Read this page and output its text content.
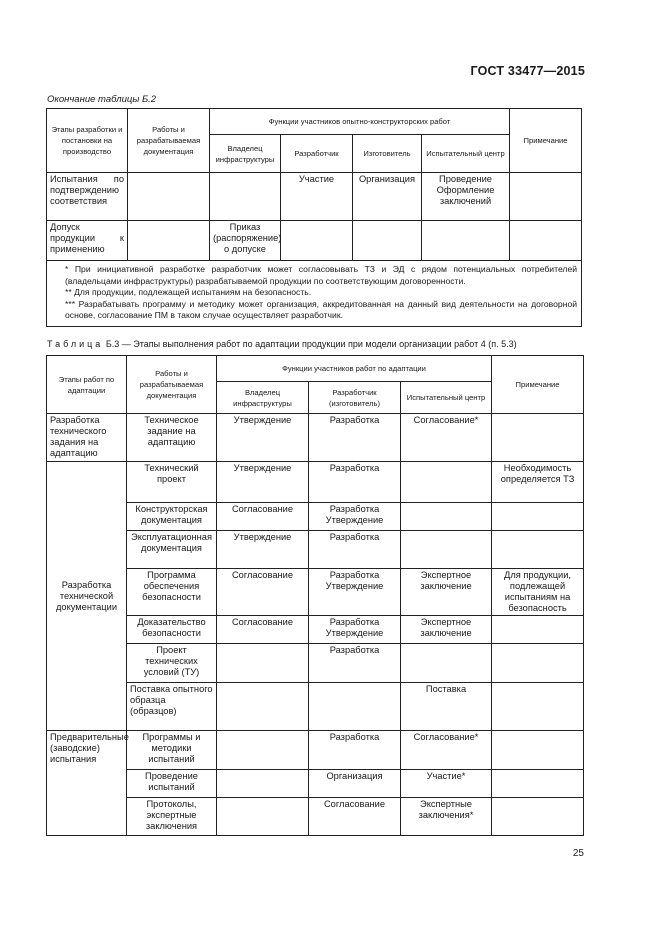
ГОСТ 33477—2015
Окончание таблицы Б.2
Этапы разработки и постановки на производство	Работы и разрабатываемая документация	Функции участников опытно-конструкторских работ				Примечание
		Владелец инфраструктуры	Разработчик	Изготовитель	Испытательный центр	
Испытания по подтверждению соответствия			Участие	Организация	Проведение Оформление заключений	
Допуск продукции к применению		Приказ (распоряжение) о допуске				

* При инициативной разработке разработчик может согласовывать ТЗ и ЭД с рядом потенциальных потребителей (владельцами инфраструктуры) разрабатываемой продукции по соответствующим договоренности.

** Для продукции, подлежащей испытаниям на безопасность.

*** Разрабатывать программу и методику может организация, аккредитованная на данный вид деятельности на договорной основе, согласование ПМ в таком случае осуществляет разработчик.						

Таблица Б.3 — Этапы выполнения работ по адаптации продукции при модели организации работ 4 (п. 5.3)
Этапы работ по адаптации	Работы и разрабатываемая документация	Функции участников работ по адаптации			Примечание	
		Владелец инфраструктуры	Разработчик (изготовитель)	Испытательный центр		
Разработка технического задания на адаптацию	Техническое задание на адаптацию	Утверждение	Разработка	Согласование*		
Разработка технической документации	Технический проект	Утверждение	Разработка		Необходимость определяется ТЗ	
	Конструкторская документация	Согласование	Разработка Утверждение			
	Эксплуатационная документация	Утверждение	Разработка			
	Программа обеспечения безопасности	Согласование	Разработка Утверждение	Экспертное заключение	Для продукции, подлежащей испытаниям на безопасность	
	Доказательство безопасности	Согласование	Разработка Утверждение	Экспертное заключение		
	Проект технических условий (ТУ)		Разработка			
	Поставка опытного образца (образцов)			Поставка		
Предварительные (заводские) испытания	Программы и методики испытаний		Разработка	Согласование*		
	Проведение испытаний		Организация	Участие*		
	Протоколы, экспертные заключения		Согласование	Экспертные заключения*		
25
